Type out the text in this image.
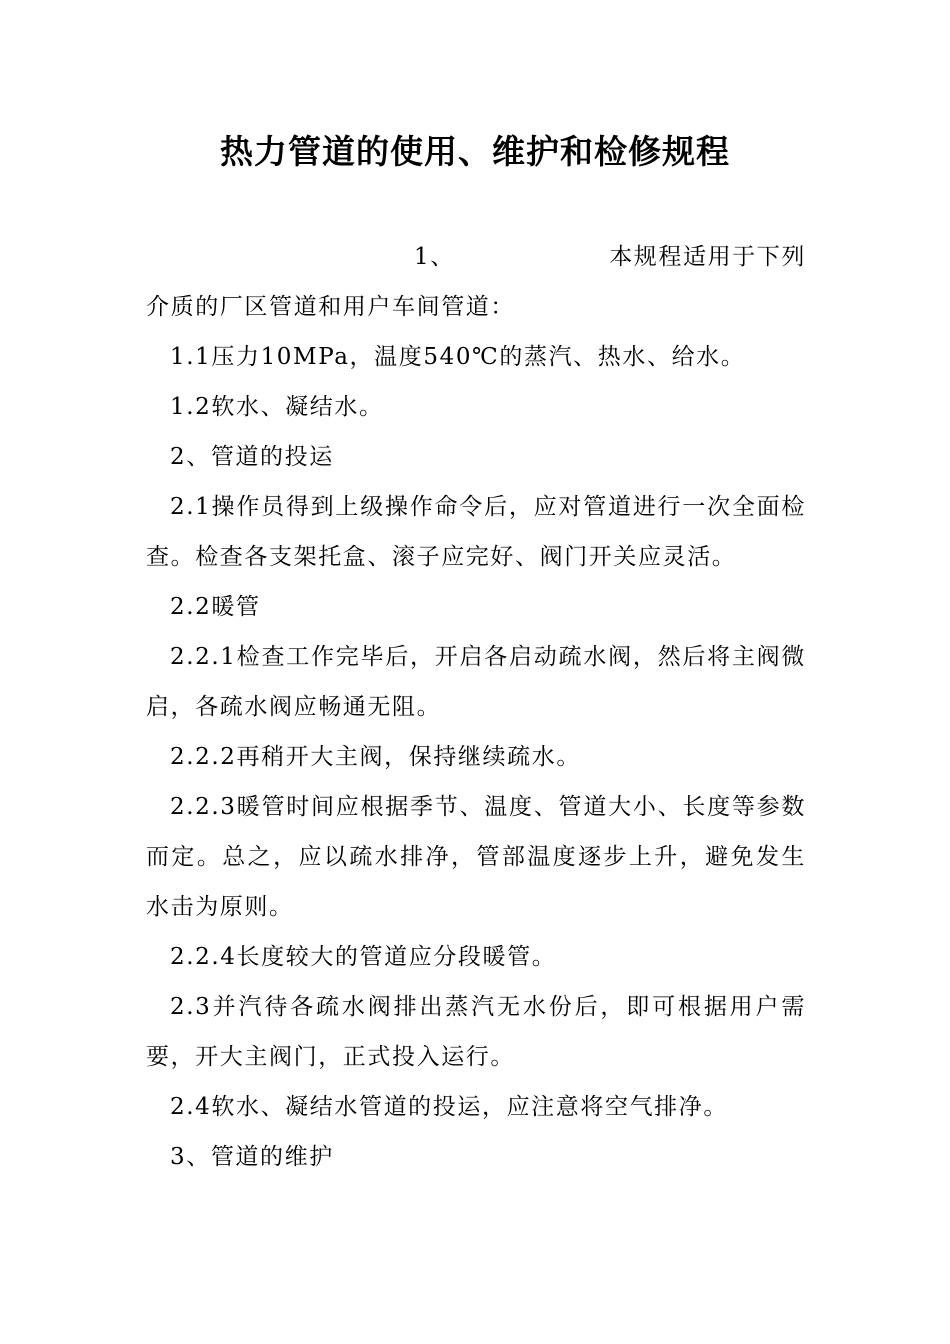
热力管道的使用、维护和检修规程
1、	本规程适用于下列

介质的厂区管道和用户车间管道：

1.1压力10MPa，温度540℃的蒸汽、热水、给水。

1.2软水、凝结水。

2、管道的投运

2.1操作员得到上级操作命令后，应对管道进行一次全面检查。检查各支架托盒、滚子应完好、阀门开关应灵活。

2.2暖管

2.2.1检查工作完毕后，开启各启动疏水阀，然后将主阀微启，各疏水阀应畅通无阻。

2.2.2再稍开大主阀，保持继续疏水。

2.2.3暖管时间应根据季节、温度、管道大小、长度等参数而定。总之，应以疏水排净，管部温度逐步上升，避免发生水击为原则。

2.2.4长度较大的管道应分段暖管。

2.3并汽待各疏水阀排出蒸汽无水份后，即可根据用户需要，开大主阀门，正式投入运行。

2.4软水、凝结水管道的投运，应注意将空气排净。

3、管道的维护
